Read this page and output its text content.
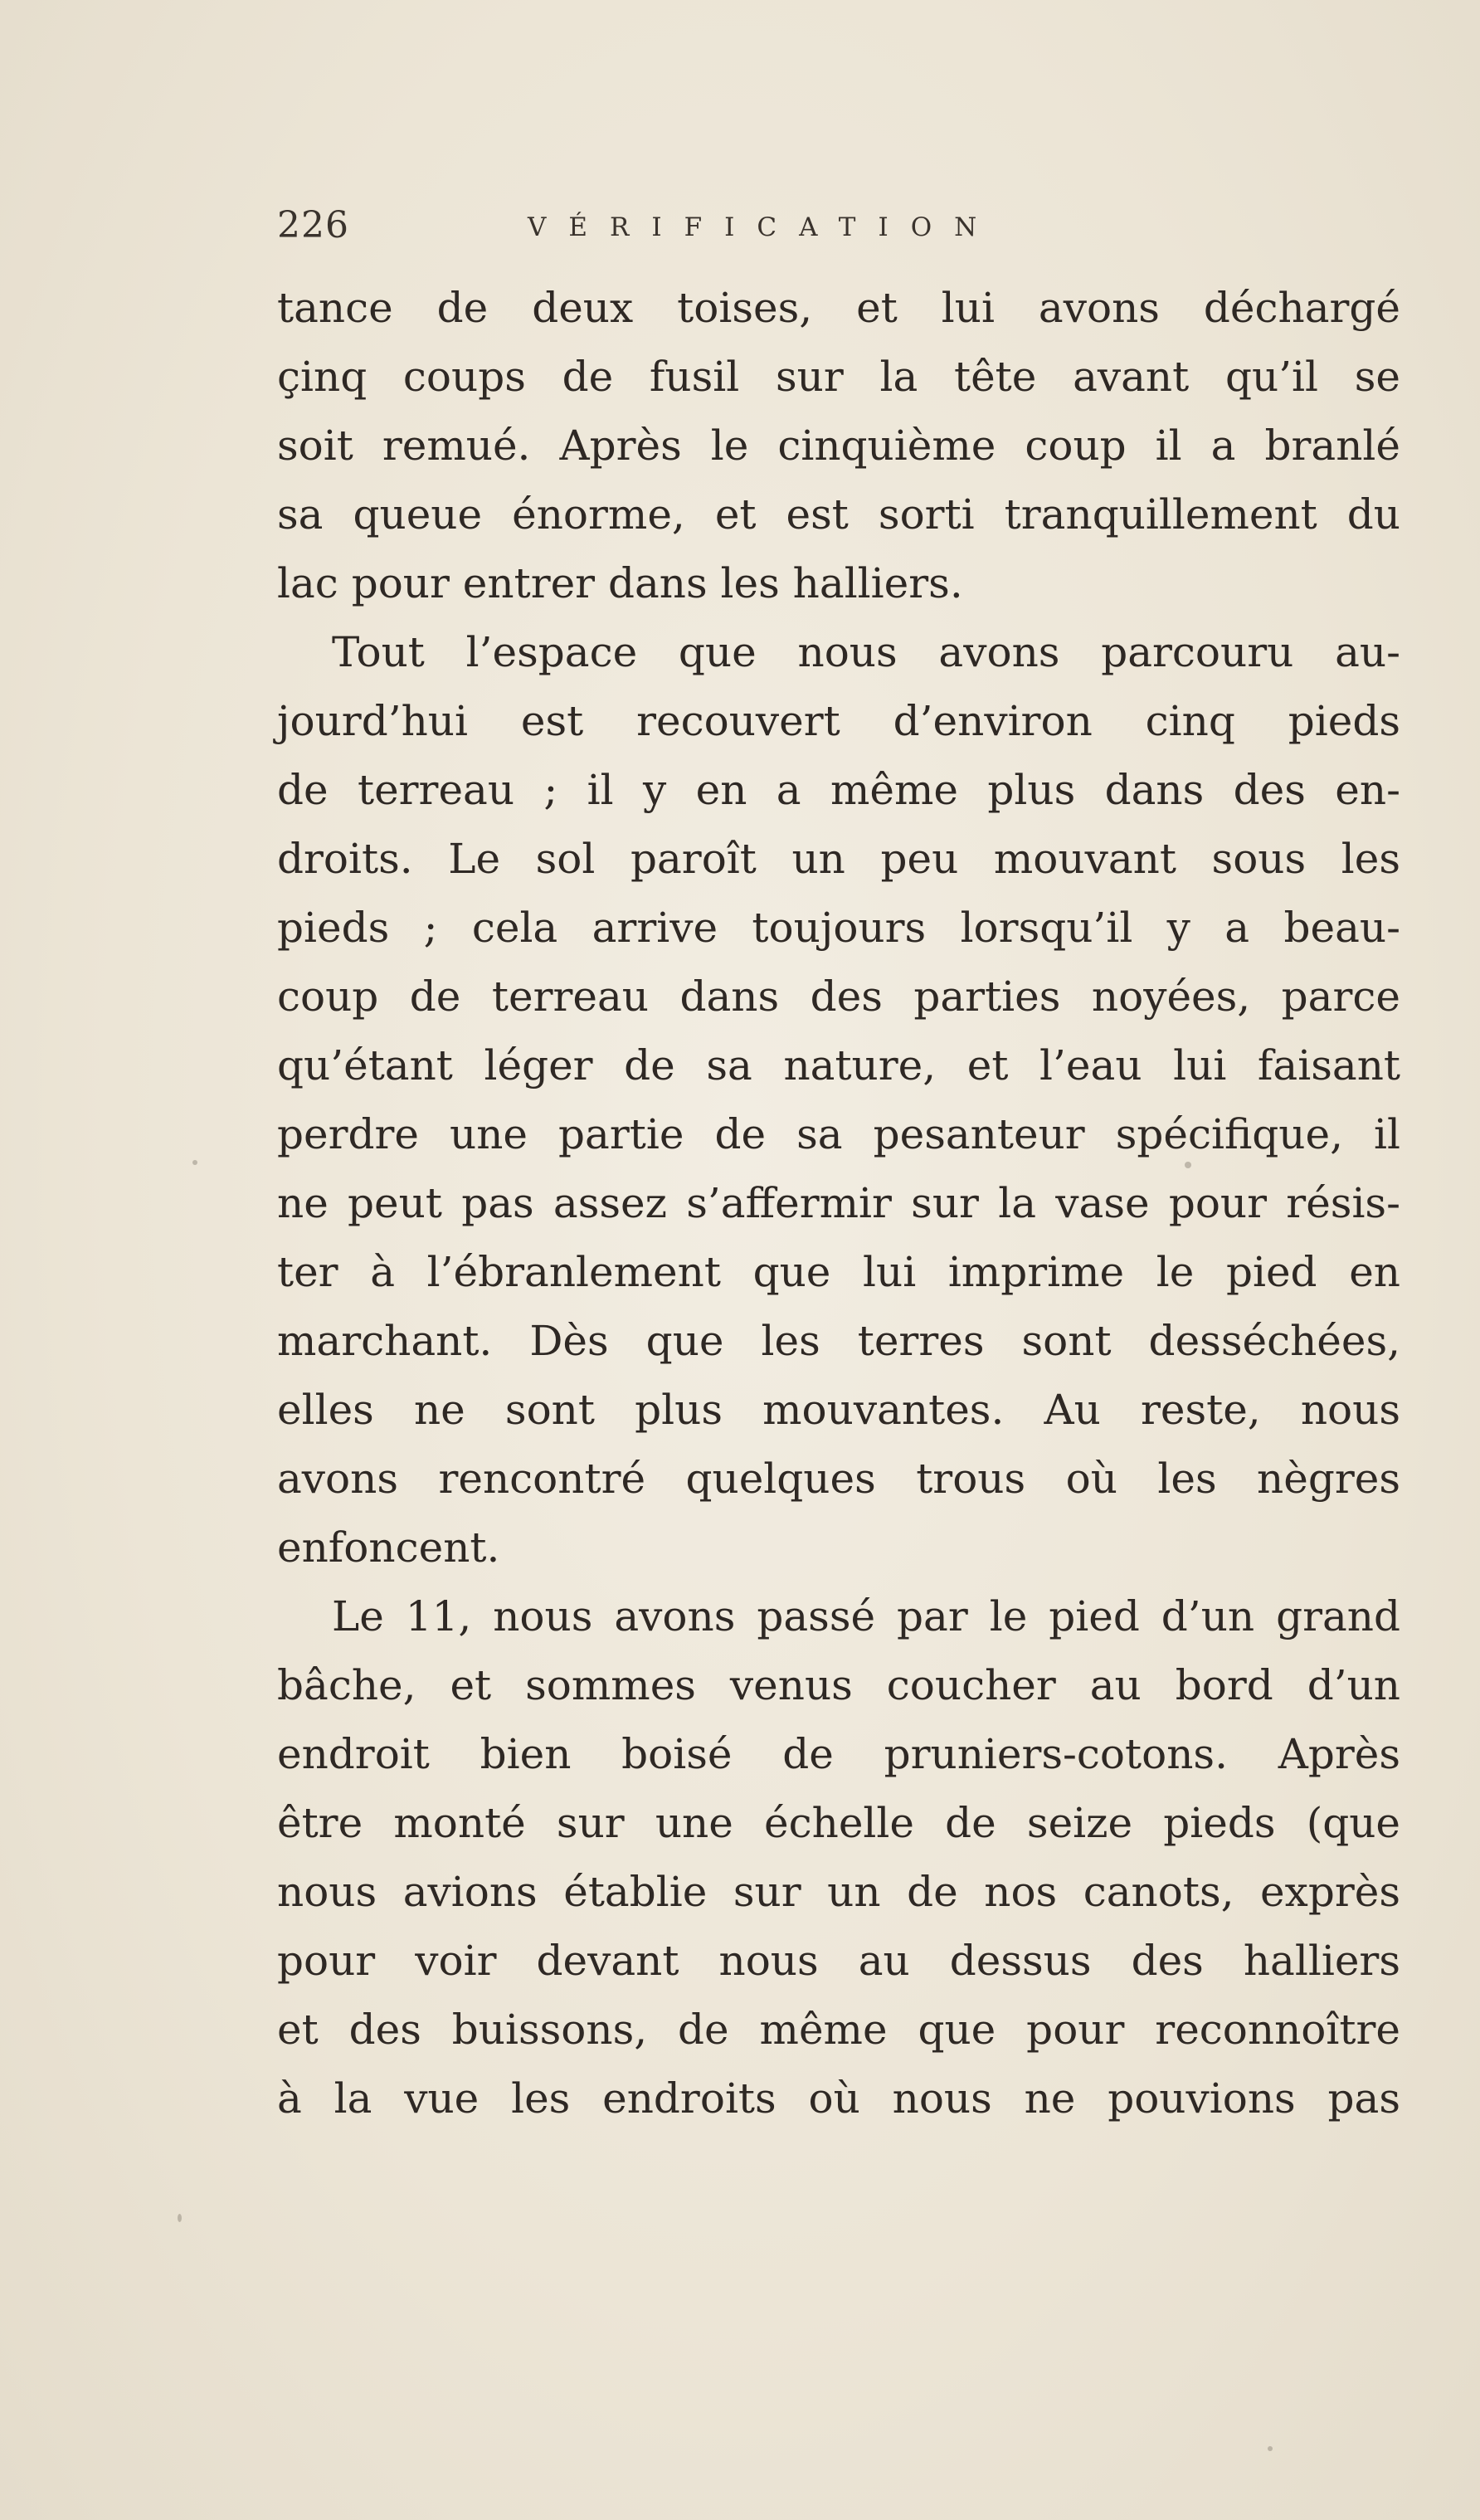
226	VÉRIFICATION
tance de deux toises, et lui avons déchargé
çinq coups de fusil sur la tête avant qu’il se
soit remué. Après le cinquième coup il a branlé
sa queue énorme, et est sorti tranquillement du
lac pour entrer dans les halliers.
Tout l’espace que nous avons parcouru au-
jourd’hui est recouvert d’environ cinq pieds
de terreau ; il y en a même plus dans des en-
droits. Le sol paroît un peu mouvant sous les
pieds ; cela arrive toujours lorsqu’il y a beau-
coup de terreau dans des parties noyées, parce
qu’étant léger de sa nature, et l’eau lui faisant
perdre une partie de sa pesanteur spécifique, il
ne peut pas assez s’affermir sur la vase pour résis-
ter à l’ébranlement que lui imprime le pied en
marchant. Dès que les terres sont desséchées,
elles ne sont plus mouvantes. Au reste, nous
avons rencontré quelques trous où les nègres
enfoncent.
Le 11, nous avons passé par le pied d’un grand
bâche, et sommes venus coucher au bord d’un
endroit bien boisé de pruniers-cotons. Après
être monté sur une échelle de seize pieds (que
nous avions établie sur un de nos canots, exprès
pour voir devant nous au dessus des halliers
et des buissons, de même que pour reconnoître
à la vue les endroits où nous ne pouvions pas
